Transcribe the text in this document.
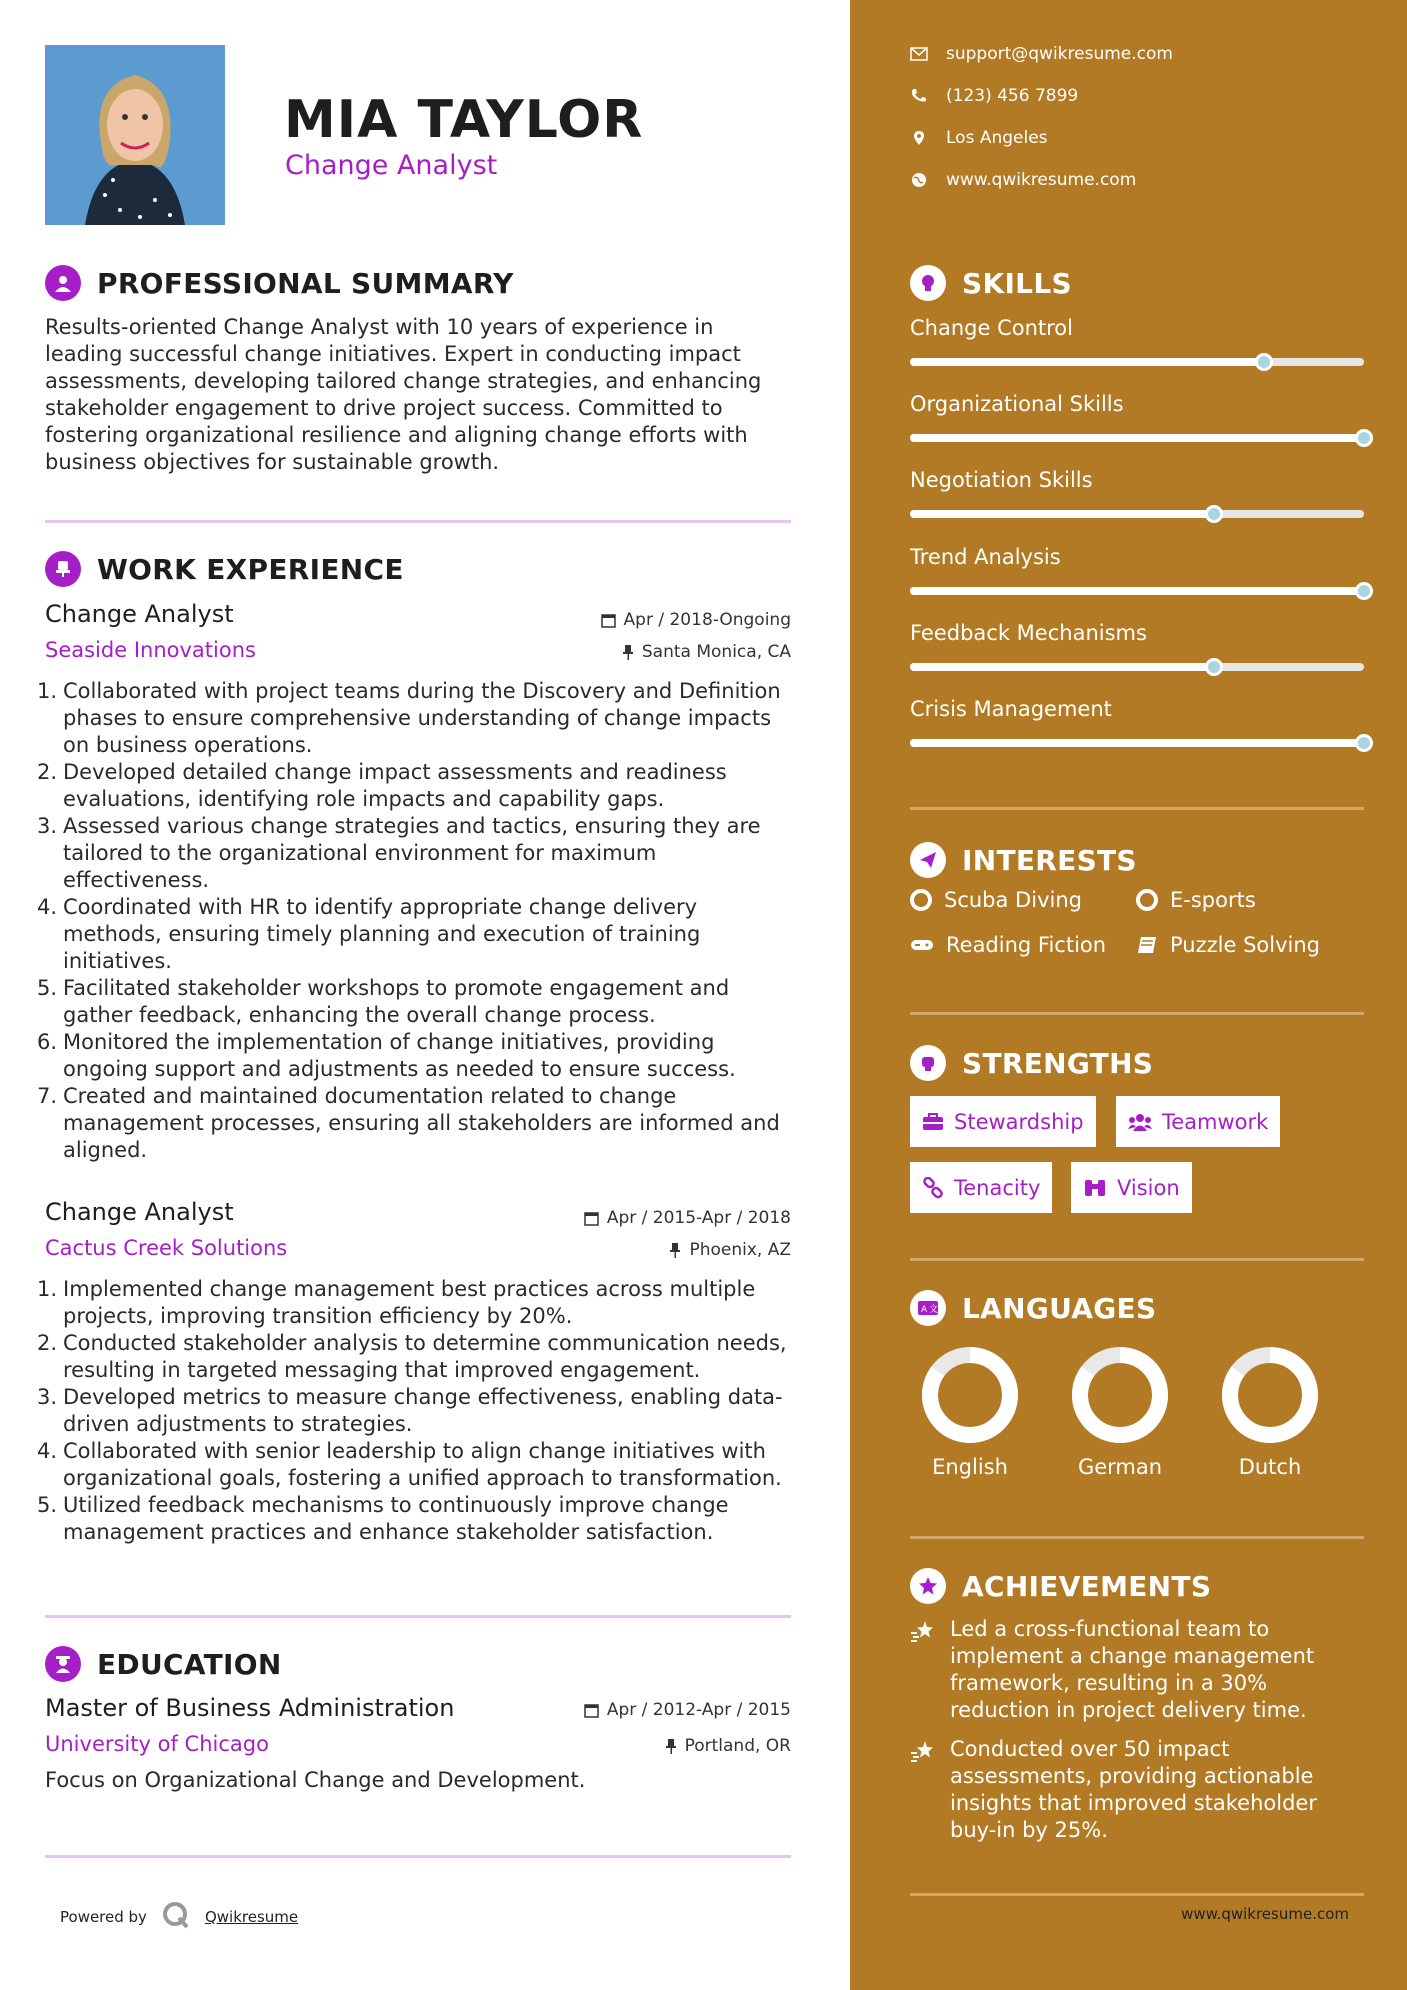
MIA TAYLOR
Change Analyst
PROFESSIONAL SUMMARY
Results-oriented Change Analyst with 10 years of experience in leading successful change initiatives. Expert in conducting impact assessments, developing tailored change strategies, and enhancing stakeholder engagement to drive project success. Committed to fostering organizational resilience and aligning change efforts with business objectives for sustainable growth.
WORK EXPERIENCE
Change Analyst
Seaside Innovations
Apr / 2018-Ongoing
Santa Monica, CA
1. Collaborated with project teams during the Discovery and Definition phases to ensure comprehensive understanding of change impacts on business operations.
2. Developed detailed change impact assessments and readiness evaluations, identifying role impacts and capability gaps.
3. Assessed various change strategies and tactics, ensuring they are tailored to the organizational environment for maximum effectiveness.
4. Coordinated with HR to identify appropriate change delivery methods, ensuring timely planning and execution of training initiatives.
5. Facilitated stakeholder workshops to promote engagement and gather feedback, enhancing the overall change process.
6. Monitored the implementation of change initiatives, providing ongoing support and adjustments as needed to ensure success.
7. Created and maintained documentation related to change management processes, ensuring all stakeholders are informed and aligned.
Change Analyst
Cactus Creek Solutions
Apr / 2015-Apr / 2018
Phoenix, AZ
1. Implemented change management best practices across multiple projects, improving transition efficiency by 20%.
2. Conducted stakeholder analysis to determine communication needs, resulting in targeted messaging that improved engagement.
3. Developed metrics to measure change effectiveness, enabling data-driven adjustments to strategies.
4. Collaborated with senior leadership to align change initiatives with organizational goals, fostering a unified approach to transformation.
5. Utilized feedback mechanisms to continuously improve change management practices and enhance stakeholder satisfaction.
EDUCATION
Master of Business Administration
University of Chicago
Apr / 2012-Apr / 2015
Portland, OR
Focus on Organizational Change and Development.
Powered by	Qwikresume
support@qwikresume.com
(123) 456 7899
Los Angeles
www.qwikresume.com
SKILLS
Change Control
Organizational Skills
Negotiation Skills
Trend Analysis
Feedback Mechanisms
Crisis Management
INTERESTS
Scuba Diving	E-sports
Reading Fiction	Puzzle Solving
STRENGTHS
Stewardship	Teamwork
Tenacity	Vision
A 文 LANGUAGES
English	German	Dutch
ACHIEVEMENTS
Led a cross-functional team to implement a change management framework, resulting in a 30% reduction in project delivery time.
Conducted over 50 impact assessments, providing actionable insights that improved stakeholder buy-in by 25%.
www.qwikresume.com
